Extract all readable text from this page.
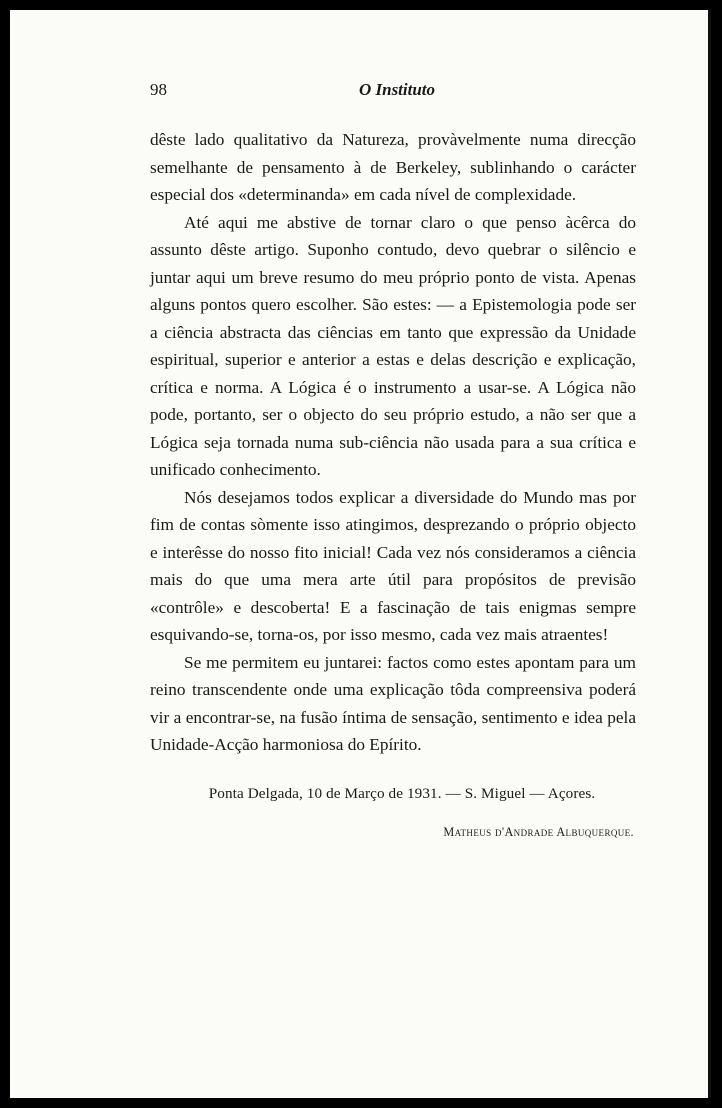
98	O Instituto

dêste lado qualitativo da Natureza, provàvelmente numa direcção semelhante de pensamento à de Berkeley, sublinhando o carácter especial dos «determinanda» em cada nível de complexidade.

Até aqui me abstive de tornar claro o que penso àcêrca do assunto dêste artigo. Suponho contudo, devo quebrar o silêncio e juntar aqui um breve resumo do meu próprio ponto de vista. Apenas alguns pontos quero escolher. São estes: — a Epistemologia pode ser a ciência abstracta das ciências em tanto que expressão da Unidade espiritual, superior e anterior a estas e delas descrição e explicação, crítica e norma. A Lógica é o instrumento a usar-se. A Lógica não pode, portanto, ser o objecto do seu próprio estudo, a não ser que a Lógica seja tornada numa sub-ciência não usada para a sua crítica e unificado conhecimento.

Nós desejamos todos explicar a diversidade do Mundo mas por fim de contas sòmente isso atingimos, desprezando o próprio objecto e interêsse do nosso fito inicial! Cada vez nós consideramos a ciência mais do que uma mera arte útil para propósitos de previsão «contrôle» e descoberta! E a fascinação de tais enigmas sempre esquivando-se, torna-os, por isso mesmo, cada vez mais atraentes!

Se me permitem eu juntarei: factos como estes apontam para um reino transcendente onde uma explicação tôda compreensiva poderá vir a encontrar-se, na fusão íntima de sensação, sentimento e idea pela Unidade-Acção harmoniosa do Epírito.

Ponta Delgada, 10 de Março de 1931. — S. Miguel — Açores.
Matheus d'Andrade Albuquerque.
